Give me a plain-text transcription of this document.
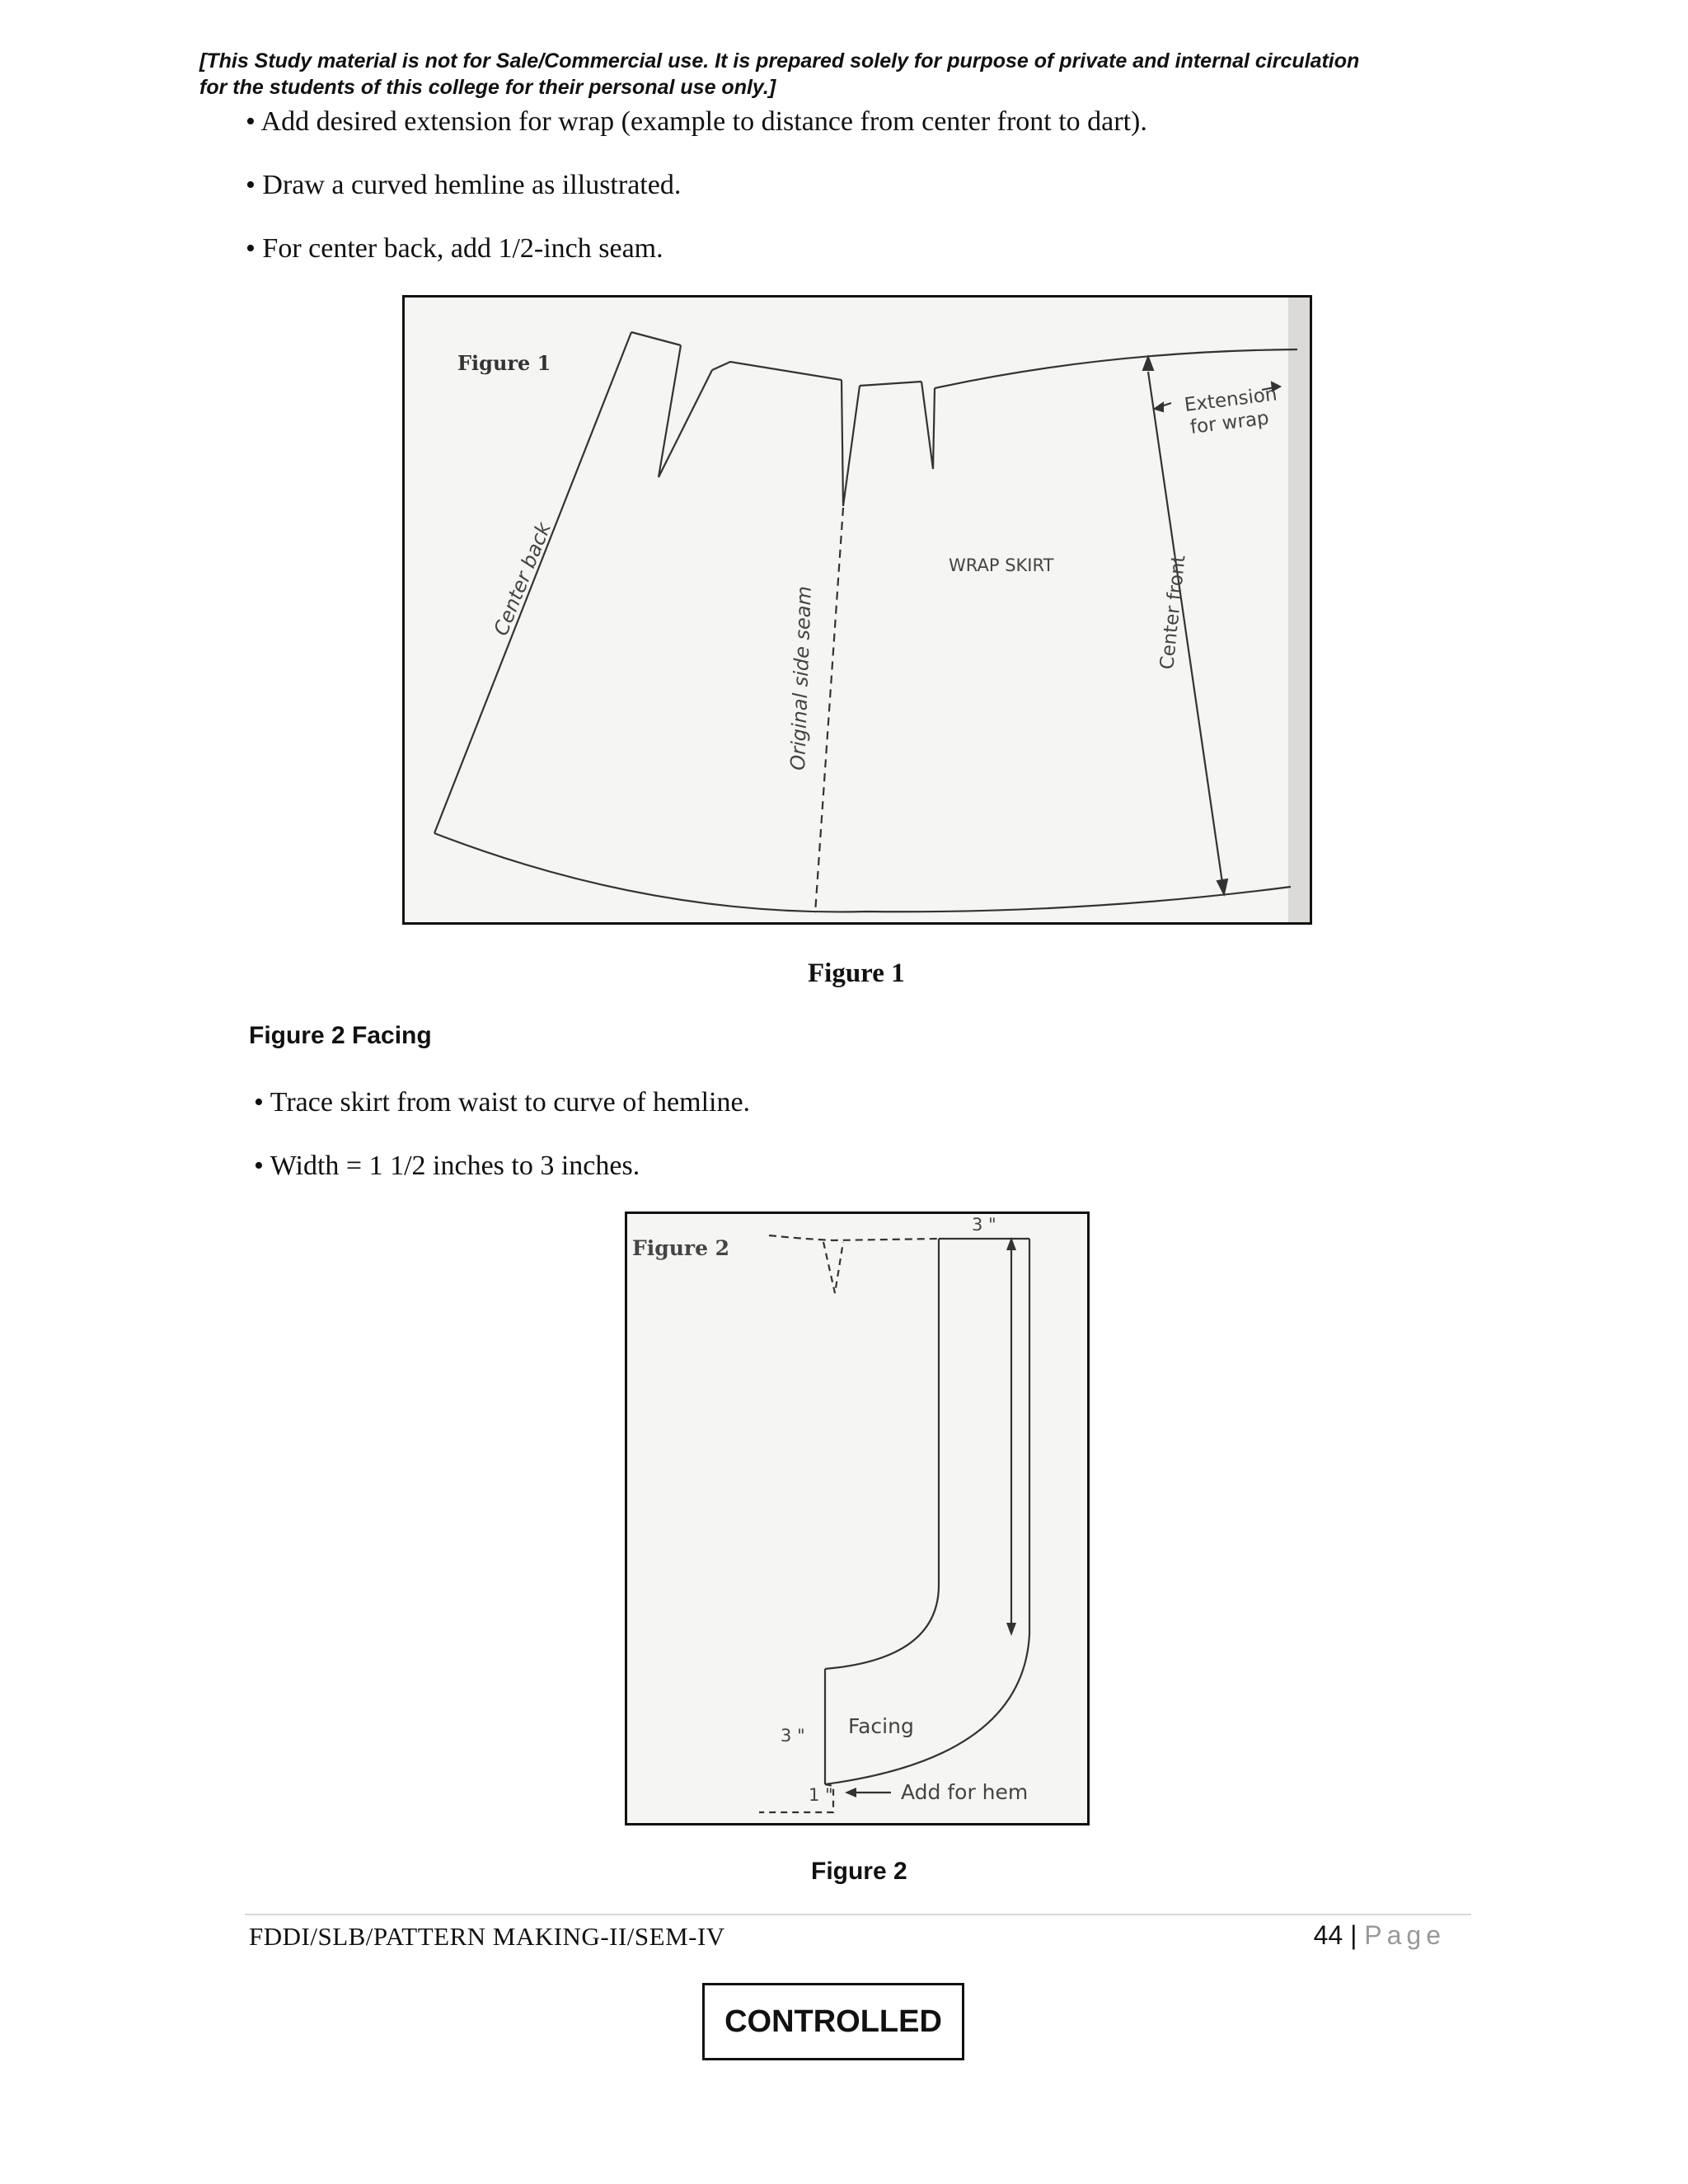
[This Study material is not for Sale/Commercial use. It is prepared solely for purpose of private and internal circulation
for the students of this college for their personal use only.]
• Add desired extension for wrap (example to distance from center front to dart).
• Draw a curved hemline as illustrated.
• For center back, add 1/2-inch seam.
Figure 1
WRAP SKIRT
Center back
Original side seam	Center front
Extension
for wrap
Figure 1
Figure 2 Facing
• Trace skirt from waist to curve of hemline.
• Width = 1 1/2 inches to 3 inches.
Figure 2
3 "
3 "
1 "
Facing
Add for hem
Figure 2
FDDI/SLB/PATTERN MAKING-II/SEM-IV	44 | Page
CONTROLLED
